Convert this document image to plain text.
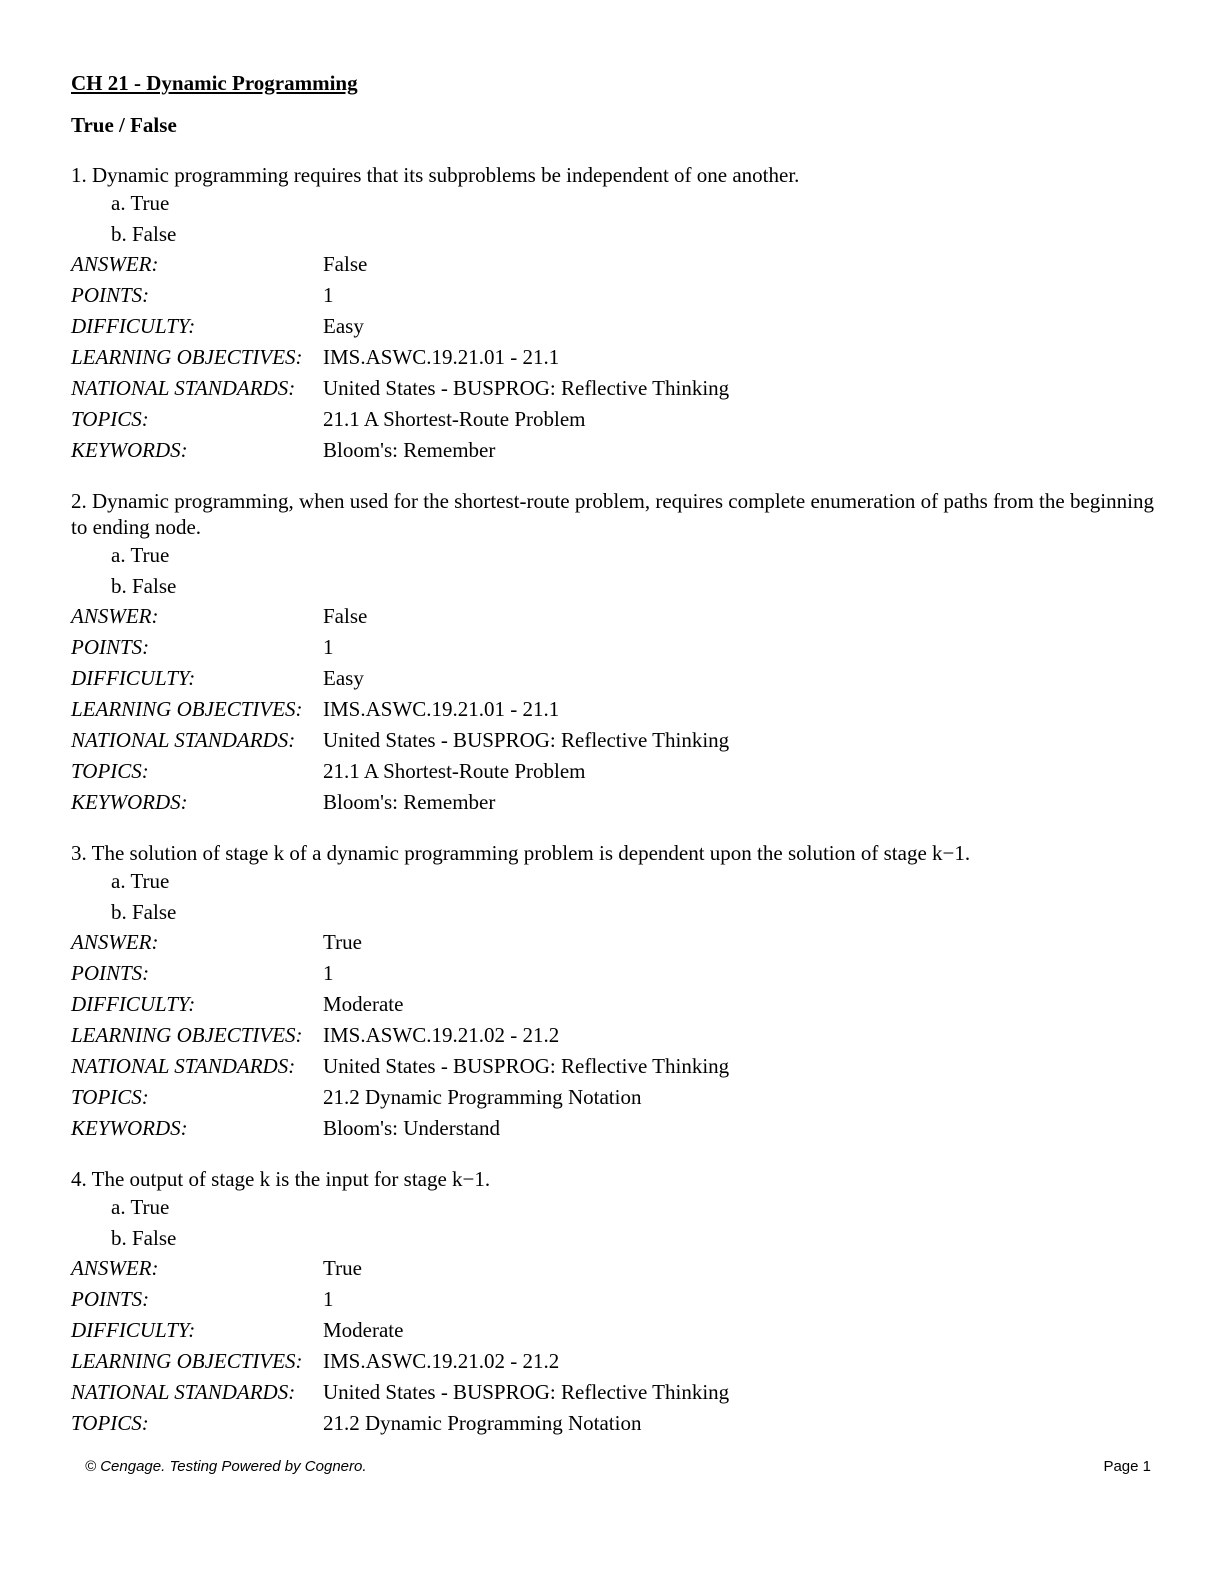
CH 21 - Dynamic Programming
True / False

1. Dynamic programming requires that its subproblems be independent of one another.

a. True
b. False
ANSWER:	False
POINTS:	1
DIFFICULTY:	Easy
LEARNING OBJECTIVES: IMS.ASWC.19.21.01 - 21.1
NATIONAL STANDARDS:	United States - BUSPROG: Reflective Thinking
TOPICS:	21.1 A Shortest-Route Problem
KEYWORDS:	Bloom's: Remember

2. Dynamic programming, when used for the shortest-route problem, requires complete enumeration of paths from the beginning to ending node.

a. True
b. False
ANSWER:	False
POINTS:	1
DIFFICULTY:	Easy
LEARNING OBJECTIVES: IMS.ASWC.19.21.01 - 21.1
NATIONAL STANDARDS:	United States - BUSPROG: Reflective Thinking
TOPICS:	21.1 A Shortest-Route Problem
KEYWORDS:	Bloom's: Remember

3. The solution of stage k of a dynamic programming problem is dependent upon the solution of stage k−1.

a. True
b. False
ANSWER:	True
POINTS:	1
DIFFICULTY:	Moderate
LEARNING OBJECTIVES: IMS.ASWC.19.21.02 - 21.2
NATIONAL STANDARDS:	United States - BUSPROG: Reflective Thinking
TOPICS:	21.2 Dynamic Programming Notation
KEYWORDS:	Bloom's: Understand

4. The output of stage k is the input for stage k−1.

a. True
b. False
ANSWER:	True
POINTS:	1
DIFFICULTY:	Moderate
LEARNING OBJECTIVES: IMS.ASWC.19.21.02 - 21.2
NATIONAL STANDARDS:	United States - BUSPROG: Reflective Thinking
TOPICS:	21.2 Dynamic Programming Notation
© Cengage. Testing Powered by Cognero.	Page 1
